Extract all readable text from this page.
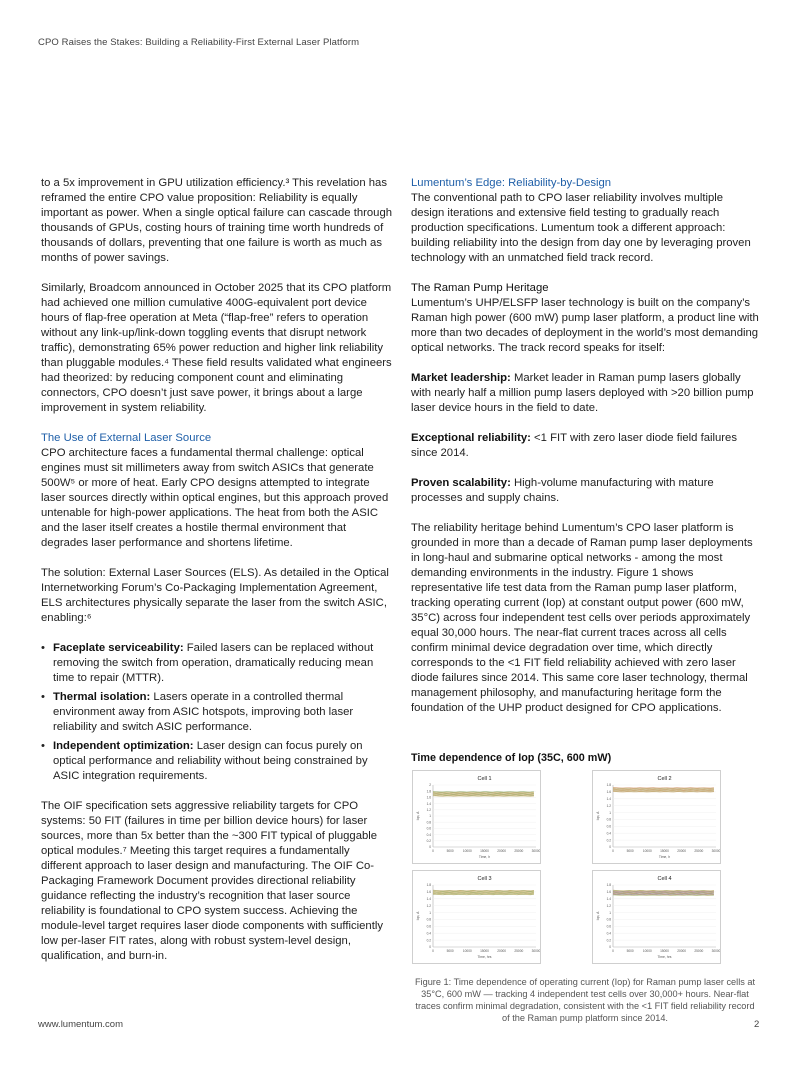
CPO Raises the Stakes: Building a Reliability-First External Laser Platform

to a 5x improvement in GPU utilization efficiency.³ This revelation has reframed the entire CPO value proposition: Reliability is equally important as power. When a single optical failure can cascade through thousands of GPUs, costing hours of training time worth hundreds of thousands of dollars, preventing that one failure is worth as much as months of power savings.

Similarly, Broadcom announced in October 2025 that its CPO platform had achieved one million cumulative 400G-equivalent port device hours of flap-free operation at Meta (“flap-free” refers to operation without any link-up/link-down toggling events that disrupt network traffic), demonstrating 65% power reduction and higher link reliability than pluggable modules.⁴ These field results validated what engineers had theorized: by reducing component count and eliminating connectors, CPO doesn’t just save power, it brings about a large improvement in system reliability.

The Use of External Laser Source

CPO architecture faces a fundamental thermal challenge: optical engines must sit millimeters away from switch ASICs that generate 500W⁵ or more of heat. Early CPO designs attempted to integrate laser sources directly within optical engines, but this approach proved untenable for high-power applications. The heat from both the ASIC and the laser itself creates a hostile thermal environment that degrades laser performance and shortens lifetime.

The solution: External Laser Sources (ELS). As detailed in the Optical Internetworking Forum’s Co-Packaging Implementation Agreement, ELS architectures physically separate the laser from the switch ASIC, enabling:⁶

• Faceplate serviceability: Failed lasers can be replaced without removing the switch from operation, dramatically reducing mean time to repair (MTTR).
• Thermal isolation: Lasers operate in a controlled thermal environment away from ASIC hotspots, improving both laser reliability and switch ASIC performance.
• Independent optimization: Laser design can focus purely on optical performance and reliability without being constrained by ASIC integration requirements.

The OIF specification sets aggressive reliability targets for CPO systems: 50 FIT (failures in time per billion device hours) for laser sources, more than 5x better than the ~300 FIT typical of pluggable optical modules.⁷ Meeting this target requires a fundamentally different approach to laser design and manufacturing. The OIF Co-Packaging Framework Document provides directional reliability guidance reflecting the industry’s recognition that laser source reliability is foundational to CPO system success. Achieving the module-level target requires laser diode components with sufficiently low per-laser FIT rates, along with robust system-level design, qualification, and burn-in.

Lumentum’s Edge: Reliability-by-Design

The conventional path to CPO laser reliability involves multiple design iterations and extensive field testing to gradually reach production specifications. Lumentum took a different approach: building reliability into the design from day one by leveraging proven technology with an unmatched field track record.

The Raman Pump Heritage

Lumentum’s UHP/ELSFP laser technology is built on the company’s Raman high power (600 mW) pump laser platform, a product line with more than two decades of deployment in the world’s most demanding optical networks. The track record speaks for itself:

Market leadership: Market leader in Raman pump lasers globally with nearly half a million pump lasers deployed with >20 billion pump laser device hours in the field to date.

Exceptional reliability: <1 FIT with zero laser diode field failures since 2014.

Proven scalability: High-volume manufacturing with mature processes and supply chains.

The reliability heritage behind Lumentum’s CPO laser platform is grounded in more than a decade of Raman pump laser deployments in long-haul and submarine optical networks - among the most demanding environments in the industry. Figure 1 shows representative life test data from the Raman pump laser platform, tracking operating current (Iop) at constant output power (600 mW, 35°C) across four independent test cells over periods approximately equal 30,000 hours. The near-flat current traces across all cells confirm minimal device degradation over time, which directly corresponds to the <1 FIT field reliability achieved with zero laser diode failures since 2014. This same core laser technology, thermal management philosophy, and manufacturing heritage form the foundation of the UHP product designed for CPO applications.

Time dependence of Iop (35C, 600 mW)
Cell 1
0
0.2
0.4
0.6
0.8
1
1.2
1.4
1.6
1.8
2
0	5000	10000	15000	20000	25000	30000
Time, h
Iop, A
Cell 2
0
0.2
0.4
0.6
0.8
1
1.2
1.4
1.6
1.8
0	5000	10000	15000	20000	25000	30000
Time, h
Iop, A
Cell 3
0
0.2
0.4
0.6
0.8
1
1.2
1.4
1.6
1.8
0	5000	10000	15000	20000	25000	30000
Time, hrs
Iop, A
Cell 4
0
0.2
0.4
0.6
0.8
1
1.2
1.4
1.6
1.8
0	5000	10000	15000	20000	25000	30000
Time, hrs
Iop, A
Figure 1: Time dependence of operating current (Iop) for Raman pump laser cells at 35°C, 600 mW — tracking 4 independent test cells over 30,000+ hours. Near-flat traces confirm minimal degradation, consistent with the <1 FIT field reliability record of the Raman pump platform since 2014.
www.lumentum.com	2
